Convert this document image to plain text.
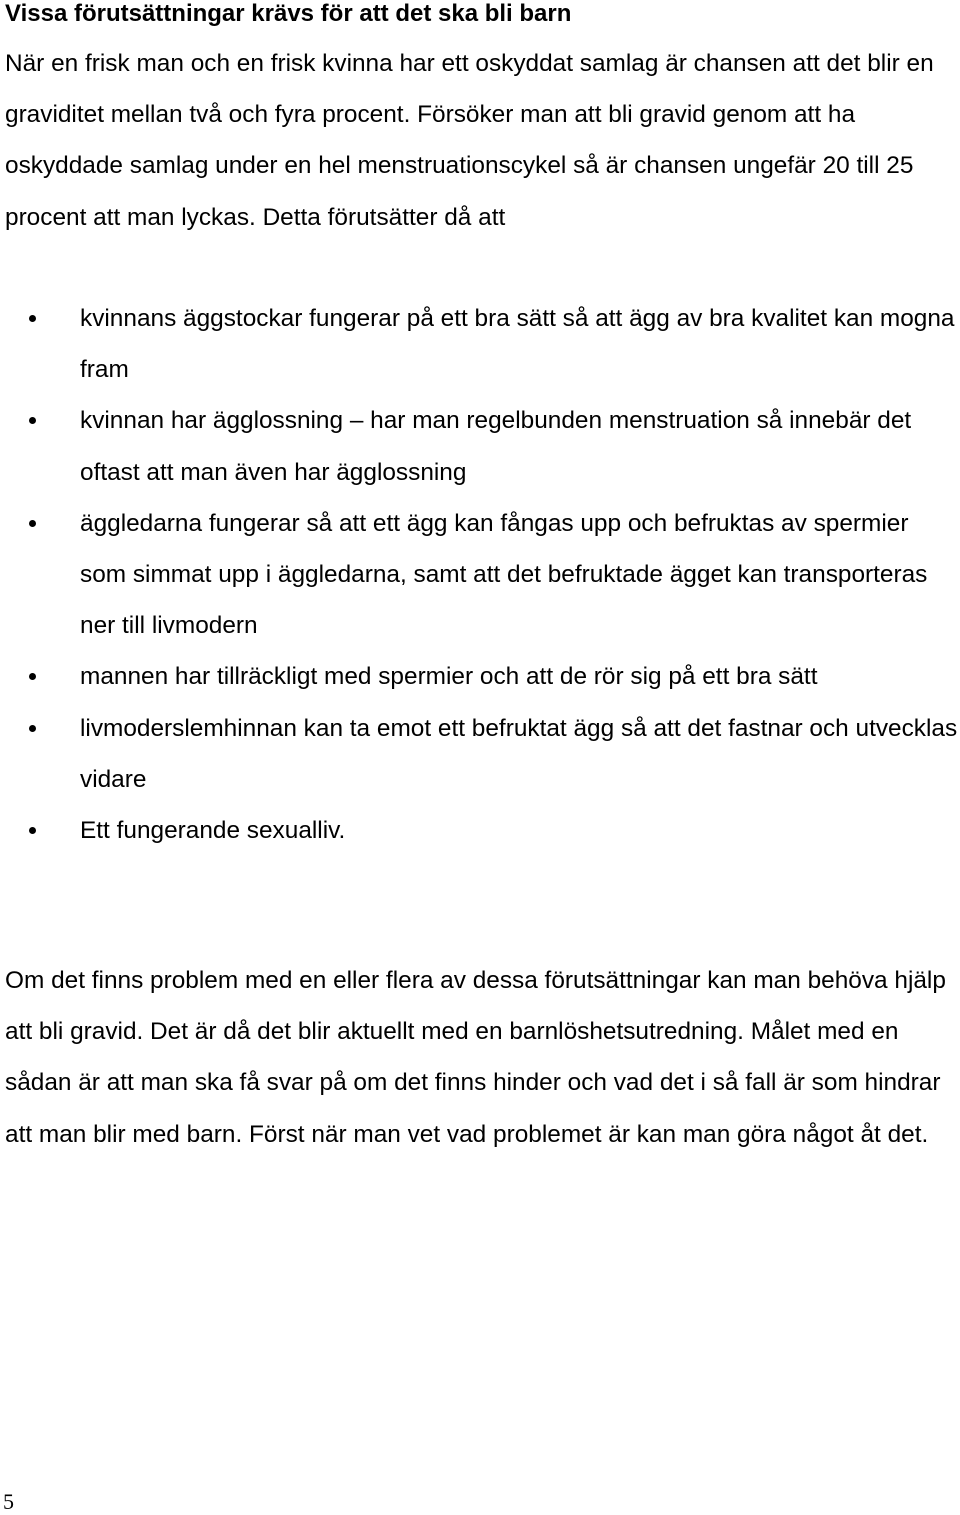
Vissa förutsättningar krävs för att det ska bli barn

När en frisk man och en frisk kvinna har ett oskyddat samlag är chansen att det blir en graviditet mellan två och fyra procent. Försöker man att bli gravid genom att ha oskyddade samlag under en hel menstruationscykel så är chansen ungefär 20 till 25 procent att man lyckas. Detta förutsätter då att

kvinnans äggstockar fungerar på ett bra sätt så att ägg av bra kvalitet kan mogna fram
kvinnan har ägglossning – har man regelbunden menstruation så innebär det oftast att man även har ägglossning
äggledarna fungerar så att ett ägg kan fångas upp och befruktas av spermier som simmat upp i äggledarna, samt att det befruktade ägget kan transporteras ner till livmodern
mannen har tillräckligt med spermier och att de rör sig på ett bra sätt
livmoderslemhinnan kan ta emot ett befruktat ägg så att det fastnar och utvecklas vidare
Ett fungerande sexualliv.

Om det finns problem med en eller flera av dessa förutsättningar kan man behöva hjälp att bli gravid. Det är då det blir aktuellt med en barnlöshetsutredning. Målet med en sådan är att man ska få svar på om det finns hinder och vad det i så fall är som hindrar att man blir med barn. Först när man vet vad problemet är kan man göra något åt det.

5
